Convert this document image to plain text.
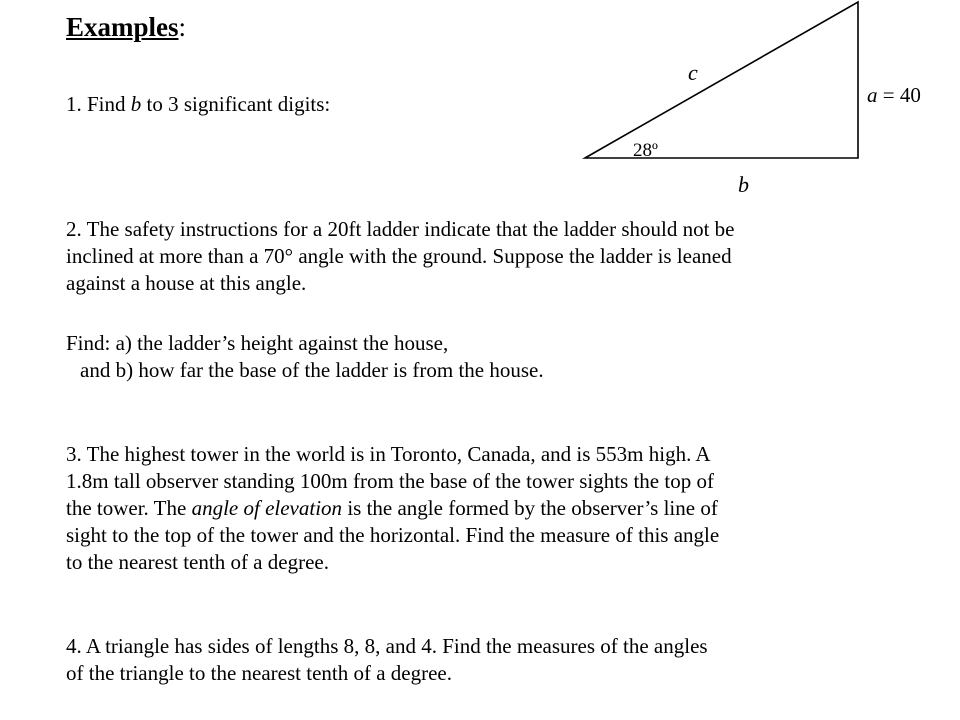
Examples:
c
a = 40
28º
b
1. Find b to 3 significant digits:
2. The safety instructions for a 20ft ladder indicate that the ladder should not be
inclined at more than a 70° angle with the ground. Suppose the ladder is leaned
against a house at this angle.
Find: a) the ladder’s height against the house,
and b) how far the base of the ladder is from the house.
3. The highest tower in the world is in Toronto, Canada, and is 553m high. A
1.8m tall observer standing 100m from the base of the tower sights the top of
the tower. The angle of elevation is the angle formed by the observer’s line of
sight to the top of the tower and the horizontal. Find the measure of this angle
to the nearest tenth of a degree.
4. A triangle has sides of lengths 8, 8, and 4. Find the measures of the angles
of the triangle to the nearest tenth of a degree.
